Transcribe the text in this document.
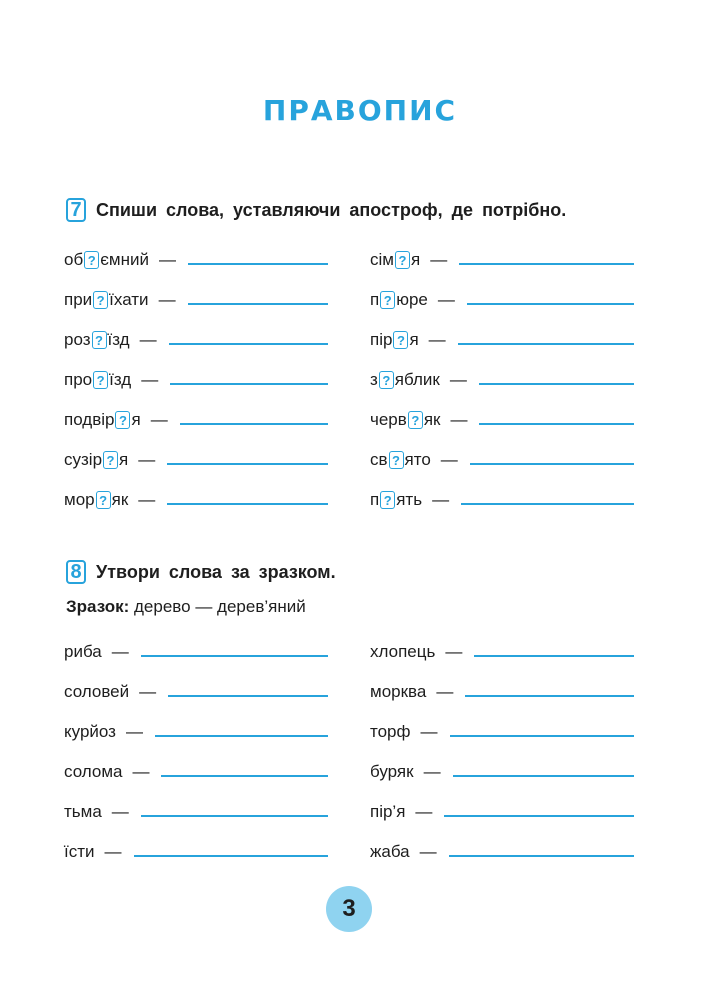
ПРАВОПИС
7 Спиши слова, уставляючи апостроф, де потрібно.
об ? ємний —
при ? їхати —
роз ? їзд —
про ? їзд —
подвір ? я —
сузір ? я —
мор ? як —
сім ? я —
п ? юре —
пір ? я —
з ? яблик —
черв ? як —
св ? ято —
п ? ять —
8 Утвори слова за зразком.
Зразок: дерево — дерев’яний
риба —
соловей —
курйоз —
солома —
тьма —
їсти —
хлопець —
морква —
торф —
буряк —
пір’я —
жаба —
3
